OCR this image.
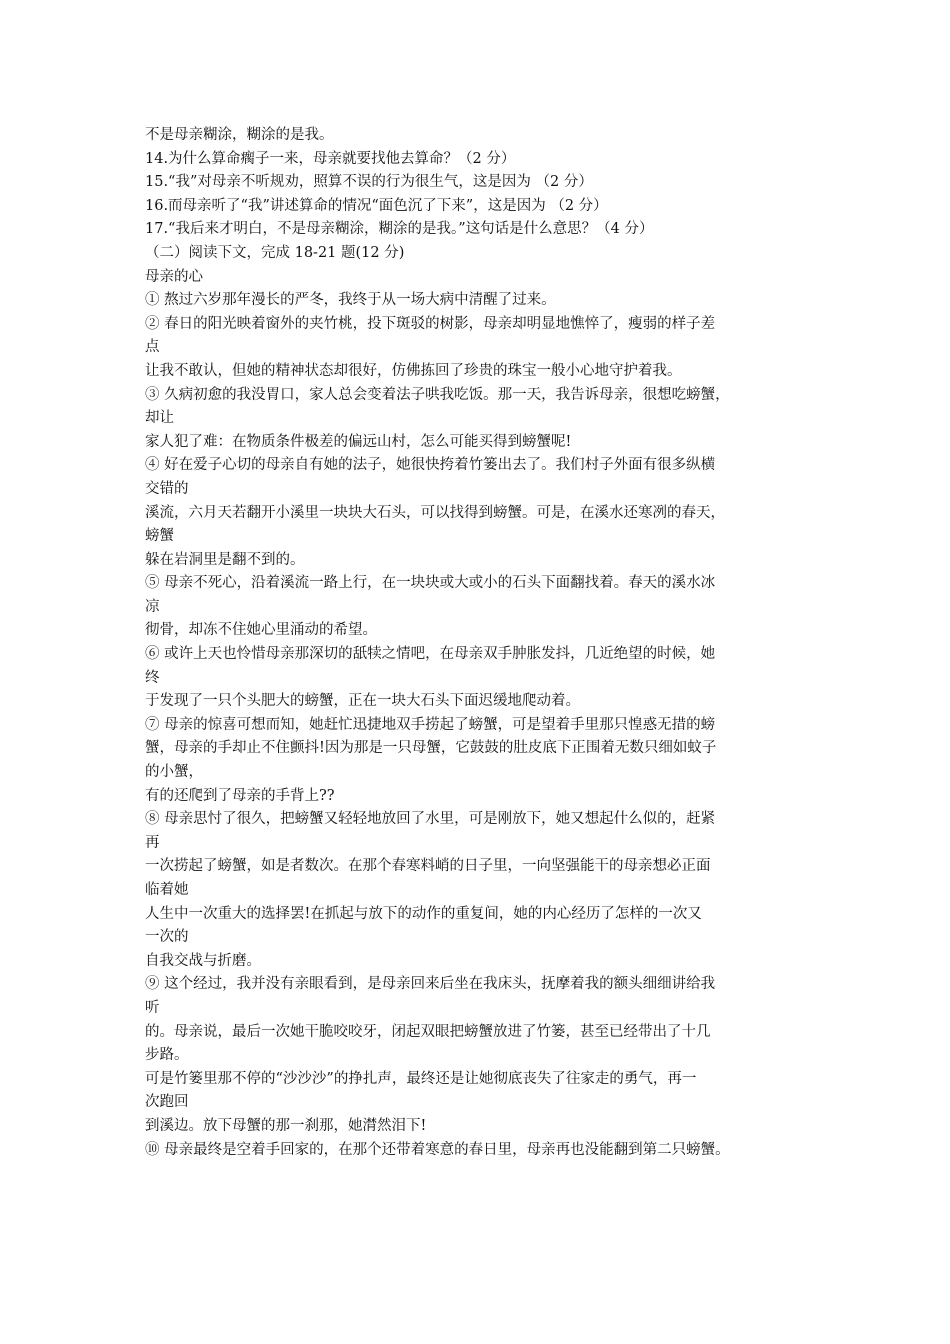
不是母亲糊涂，糊涂的是我。
14.为什么算命瘸子一来，母亲就要找他去算命？（2 分）
15.“我”对母亲不听规劝，照算不误的行为很生气，这是因为 （2 分）
16.而母亲听了“我”讲述算命的情况“面色沉了下来”，这是因为 （2 分）
17.“我后来才明白，不是母亲糊涂，糊涂的是我。”这句话是什么意思？（4 分）
（二）阅读下文，完成 18-21 题(12 分)
母亲的心
① 熬过六岁那年漫长的严冬，我终于从一场大病中清醒了过来。
② 春日的阳光映着窗外的夹竹桃，投下斑驳的树影，母亲却明显地憔悴了，瘦弱的样子差
点
让我不敢认，但她的精神状态却很好，仿佛拣回了珍贵的珠宝一般小心地守护着我。
③ 久病初愈的我没胃口，家人总会变着法子哄我吃饭。那一天，我告诉母亲，很想吃螃蟹，
却让
家人犯了难：在物质条件极差的偏远山村，怎么可能买得到螃蟹呢!
④ 好在爱子心切的母亲自有她的法子，她很快挎着竹篓出去了。我们村子外面有很多纵横
交错的
溪流，六月天若翻开小溪里一块块大石头，可以找得到螃蟹。可是，在溪水还寒冽的春天，
螃蟹
躲在岩洞里是翻不到的。
⑤ 母亲不死心，沿着溪流一路上行，在一块块或大或小的石头下面翻找着。春天的溪水冰
凉
彻骨，却冻不住她心里涌动的希望。
⑥ 或许上天也怜惜母亲那深切的舐犊之情吧，在母亲双手肿胀发抖，几近绝望的时候，她
终
于发现了一只个头肥大的螃蟹，正在一块大石头下面迟缓地爬动着。
⑦ 母亲的惊喜可想而知，她赶忙迅捷地双手捞起了螃蟹，可是望着手里那只惶惑无措的螃
蟹，母亲的手却止不住颤抖!因为那是一只母蟹，它鼓鼓的肚皮底下正围着无数只细如蚊子
的小蟹，
有的还爬到了母亲的手背上??
⑧ 母亲思忖了很久，把螃蟹又轻轻地放回了水里，可是刚放下，她又想起什么似的，赶紧
再
一次捞起了螃蟹，如是者数次。在那个春寒料峭的日子里，一向坚强能干的母亲想必正面
临着她
人生中一次重大的选择罢!在抓起与放下的动作的重复间，她的内心经历了怎样的一次又
一次的
自我交战与折磨。
⑨ 这个经过，我并没有亲眼看到，是母亲回来后坐在我床头，抚摩着我的额头细细讲给我
听
的。母亲说，最后一次她干脆咬咬牙，闭起双眼把螃蟹放进了竹篓，甚至已经带出了十几
步路。
可是竹篓里那不停的“沙沙沙”的挣扎声，最终还是让她彻底丧失了往家走的勇气，再一
次跑回
到溪边。放下母蟹的那一刹那，她潸然泪下!
⑩ 母亲最终是空着手回家的，在那个还带着寒意的春日里，母亲再也没能翻到第二只螃蟹。
